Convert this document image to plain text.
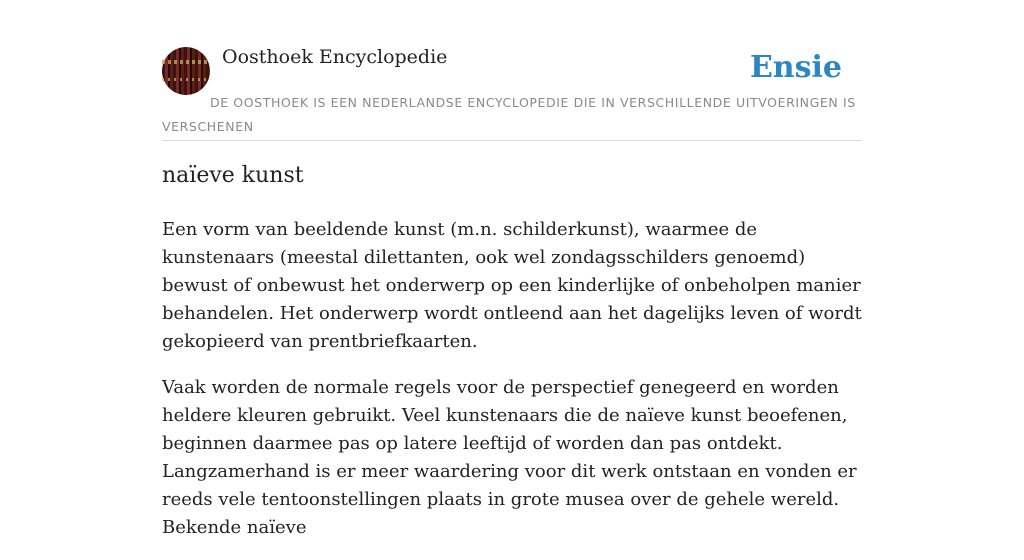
Oosthoek Encyclopedie	Ensie
DE OOSTHOEK IS EEN NEDERLANDSE ENCYCLOPEDIE DIE IN VERSCHILLENDE UITVOERINGEN IS VERSCHENEN
naïeve kunst

Een vorm van beeldende kunst (m.n. schilderkunst), waarmee de kunstenaars (meestal dilettanten, ook wel zondagsschilders genoemd) bewust of onbewust het onderwerp op een kinderlijke of onbeholpen manier behandelen. Het onderwerp wordt ontleend aan het dagelijks leven of wordt gekopieerd van prentbriefkaarten.

Vaak worden de normale regels voor de perspectief genegeerd en worden heldere kleuren gebruikt. Veel kunstenaars die de naïeve kunst beoefenen, beginnen daarmee pas op latere leeftijd of worden dan pas ontdekt. Langzamerhand is er meer waardering voor dit werk ontstaan en vonden er reeds vele tentoonstellingen plaats in grote musea over de gehele wereld. Bekende naïeve
